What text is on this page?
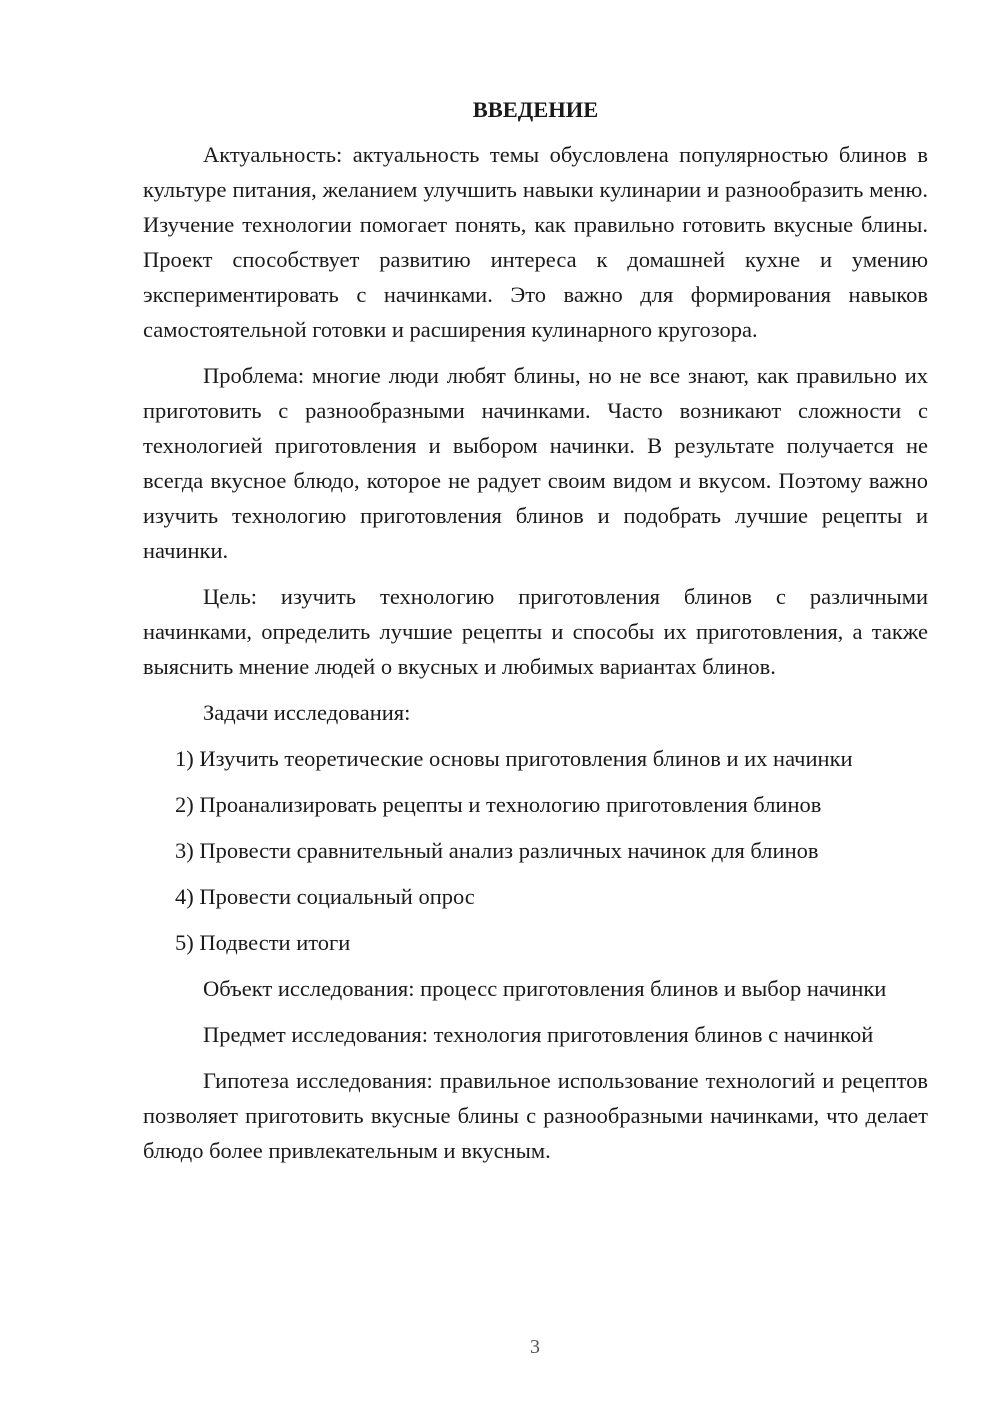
ВВЕДЕНИЕ

Актуальность: актуальность темы обусловлена популярностью блинов в культуре питания, желанием улучшить навыки кулинарии и разнообразить меню. Изучение технологии помогает понять, как правильно готовить вкусные блины. Проект способствует развитию интереса к домашней кухне и умению экспериментировать с начинками. Это важно для формирования навыков самостоятельной готовки и расширения кулинарного кругозора.

Проблема: многие люди любят блины, но не все знают, как правильно их приготовить с разнообразными начинками. Часто возникают сложности с технологией приготовления и выбором начинки. В результате получается не всегда вкусное блюдо, которое не радует своим видом и вкусом. Поэтому важно изучить технологию приготовления блинов и подобрать лучшие рецепты и начинки.

Цель: изучить технологию приготовления блинов с различными начинками, определить лучшие рецепты и способы их приготовления, а также выяснить мнение людей о вкусных и любимых вариантах блинов.

Задачи исследования:

1) Изучить теоретические основы приготовления блинов и их начинки

2) Проанализировать рецепты и технологию приготовления блинов

3) Провести сравнительный анализ различных начинок для блинов

4) Провести социальный опрос

5) Подвести итоги

Объект исследования: процесс приготовления блинов и выбор начинки

Предмет исследования: технология приготовления блинов с начинкой

Гипотеза исследования: правильное использование технологий и рецептов позволяет приготовить вкусные блины с разнообразными начинками, что делает блюдо более привлекательным и вкусным.

3
